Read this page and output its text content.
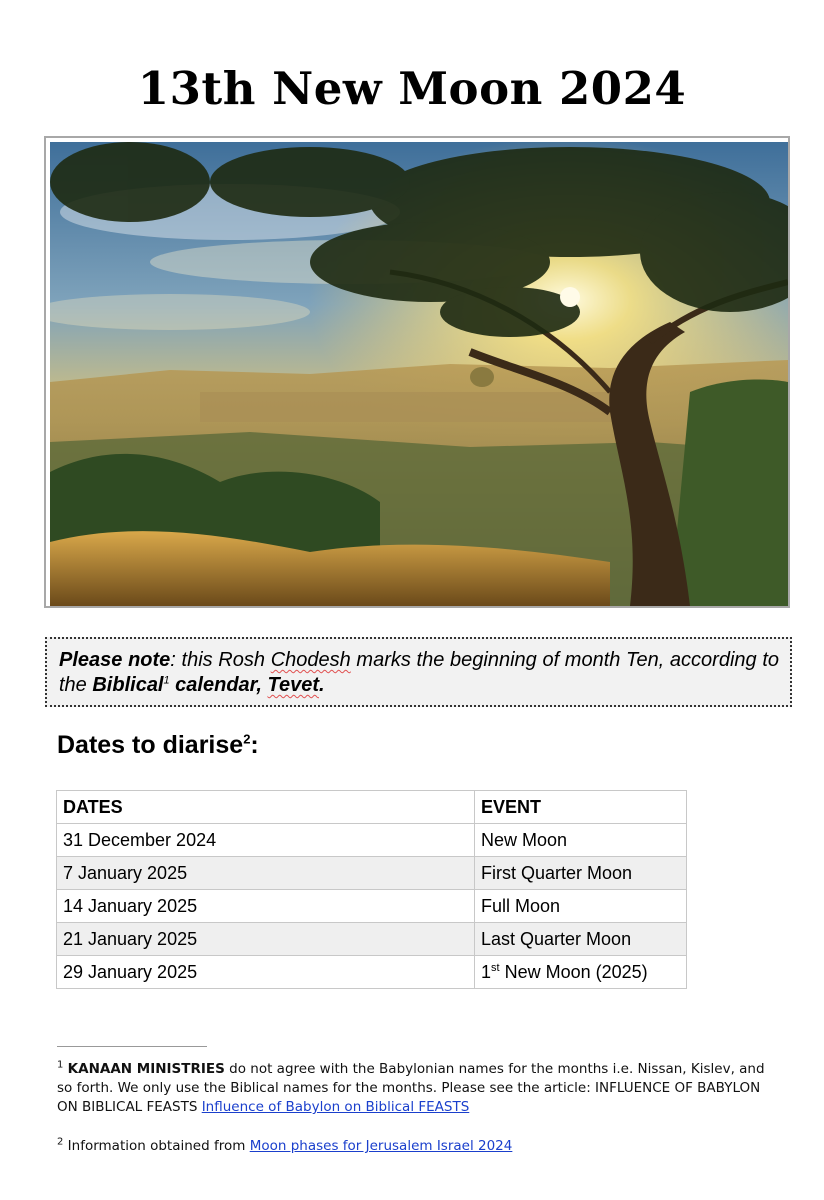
13th New Moon 2024
Please note: this Rosh Chodesh marks the beginning of month Ten, according to the Biblical$^1$ calendar, Tevet.
Dates to diarise$^2$:
DATES	EVENT
31 December 2024	New Moon
7 January 2025	First Quarter Moon
14 January 2025	Full Moon
21 January 2025	Last Quarter Moon
29 January 2025	1st New Moon (2025)
$^1$ KANAAN MINISTRIES do not agree with the Babylonian names for the months i.e. Nissan, Kislev, and so forth. We only use the Biblical names for the months. Please see the article: INFLUENCE OF BABYLON ON BIBLICAL FEASTS Influence of Babylon on Biblical FEASTS
$^2$ Information obtained from Moon phases for Jerusalem Israel 2024
